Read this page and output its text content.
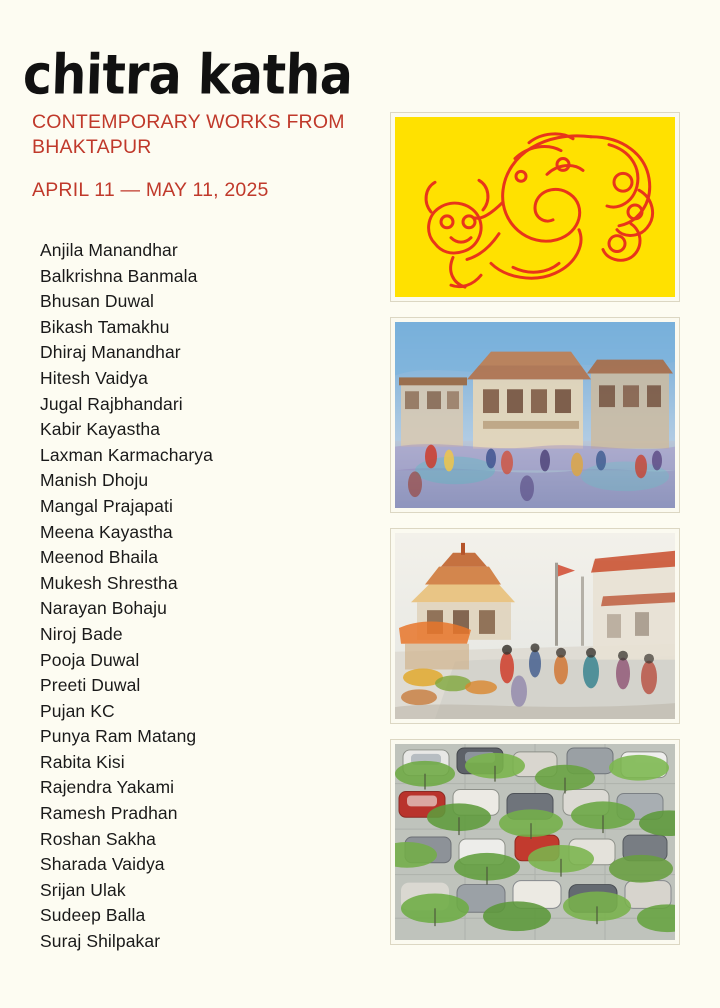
chitra katha
CONTEMPORARY WORKS FROM BHAKTAPUR
APRIL 11 — MAY 11, 2025
Anjila Manandhar
Balkrishna Banmala
Bhusan Duwal
Bikash Tamakhu
Dhiraj Manandhar
Hitesh Vaidya
Jugal Rajbhandari
Kabir Kayastha
Laxman Karmacharya
Manish Dhoju
Mangal Prajapati
Meena Kayastha
Meenod Bhaila
Mukesh Shrestha
Narayan Bohaju
Niroj Bade
Pooja Duwal
Preeti Duwal
Pujan KC
Punya Ram Matang
Rabita Kisi
Rajendra Yakami
Ramesh Pradhan
Roshan Sakha
Sharada Vaidya
Srijan Ulak
Sudeep Balla
Suraj Shilpakar
